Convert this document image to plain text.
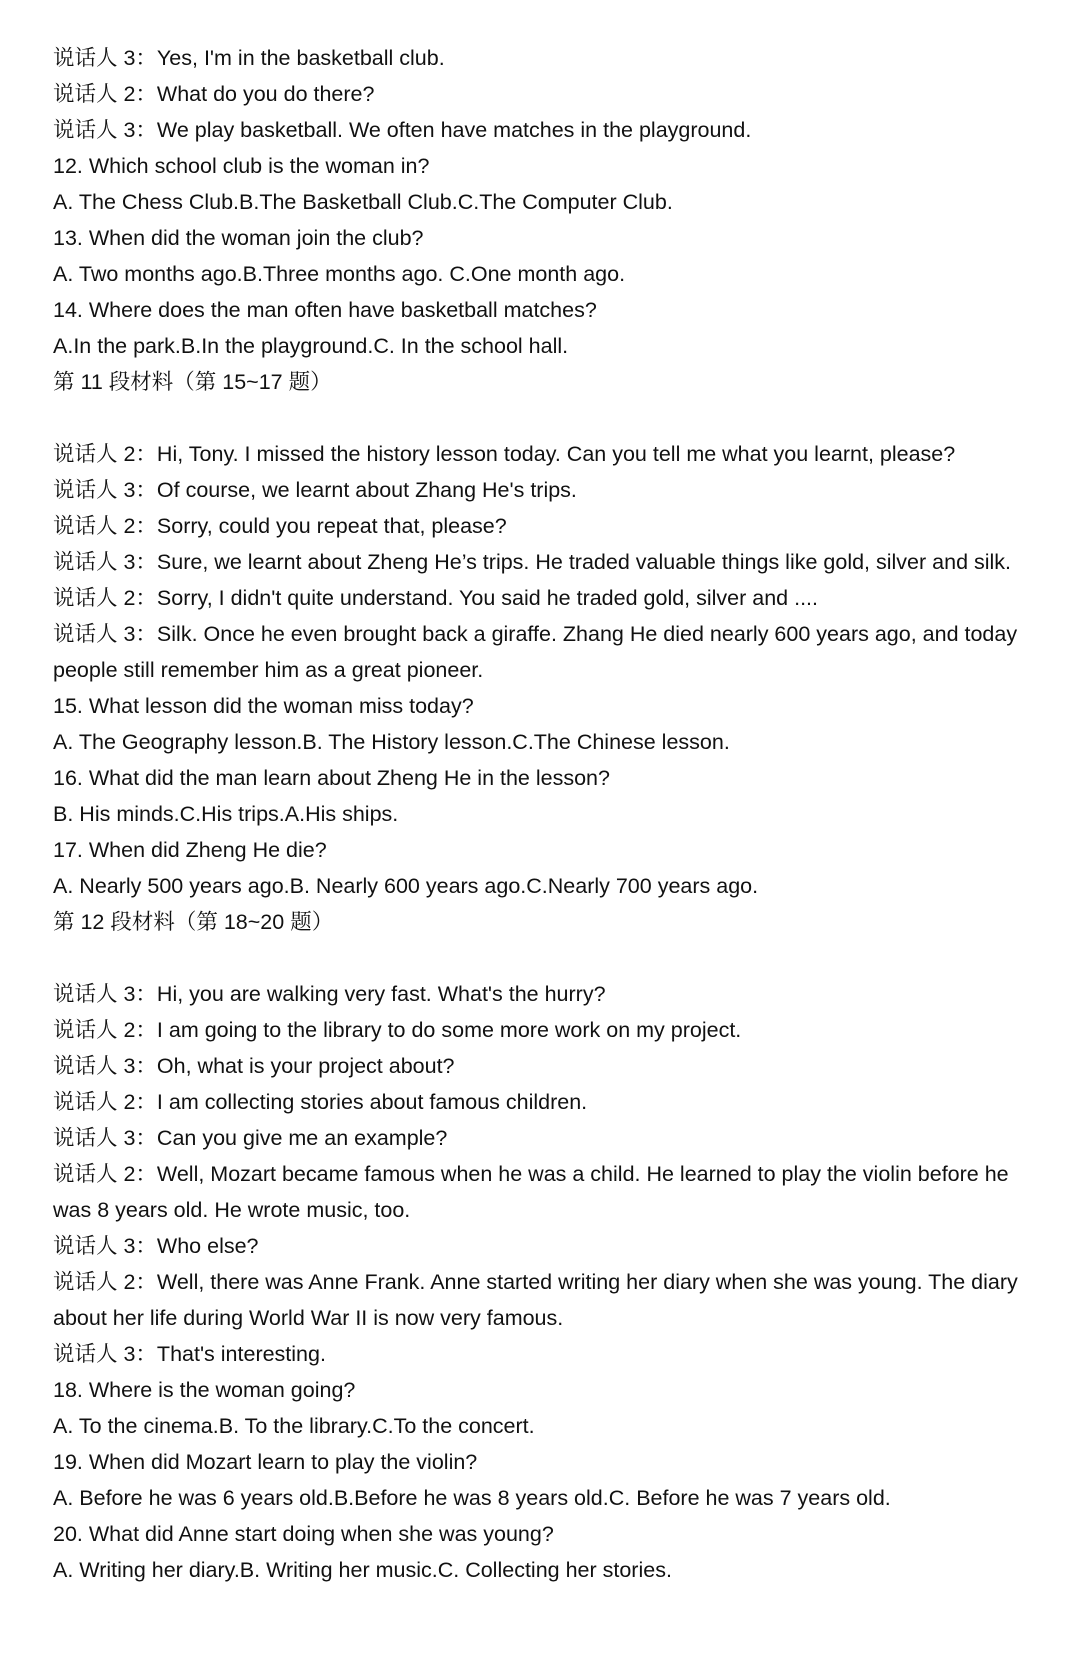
说话人 3：Yes, I'm in the basketball club.
说话人 2：What do you do there?
说话人 3：We play basketball. We often have matches in the playground.
12. Which school club is the woman in?
A. The Chess Club.B.The Basketball Club.C.The Computer Club.
13. When did the woman join the club?
A. Two months ago.B.Three months ago. C.One month ago.
14. Where does the man often have basketball matches?
A.In the park.B.In the playground.C. In the school hall.
第 11 段材料（第 15~17 题）
说话人 2：Hi, Tony. I missed the history lesson today. Can you tell me what you learnt, please?
说话人 3：Of course, we learnt about Zhang He's trips.
说话人 2：Sorry, could you repeat that, please?
说话人 3：Sure, we learnt about Zheng He’s trips. He traded valuable things like gold, silver and silk.
说话人 2：Sorry, I didn't quite understand. You said he traded gold, silver and ....
说话人 3：Silk. Once he even brought back a giraffe. Zhang He died nearly 600 years ago, and today people still remember him as a great pioneer.
15. What lesson did the woman miss today?
A. The Geography lesson.B. The History lesson.C.The Chinese lesson.
16. What did the man learn about Zheng He in the lesson?
B. His minds.C.His trips.A.His ships.
17. When did Zheng He die?
A. Nearly 500 years ago.B. Nearly 600 years ago.C.Nearly 700 years ago.
第 12 段材料（第 18~20 题）
说话人 3：Hi, you are walking very fast. What's the hurry?
说话人 2：I am going to the library to do some more work on my project.
说话人 3：Oh, what is your project about?
说话人 2：I am collecting stories about famous children.
说话人 3：Can you give me an example?
说话人 2：Well, Mozart became famous when he was a child. He learned to play the violin before he was 8 years old. He wrote music, too.
说话人 3：Who else?
说话人 2：Well, there was Anne Frank. Anne started writing her diary when she was young. The diary about her life during World War II is now very famous.
说话人 3：That's interesting.
18. Where is the woman going?
A. To the cinema.B. To the library.C.To the concert.
19. When did Mozart learn to play the violin?
A. Before he was 6 years old.B.Before he was 8 years old.C. Before he was 7 years old.
20. What did Anne start doing when she was young?
A. Writing her diary.B. Writing her music.C. Collecting her stories.
